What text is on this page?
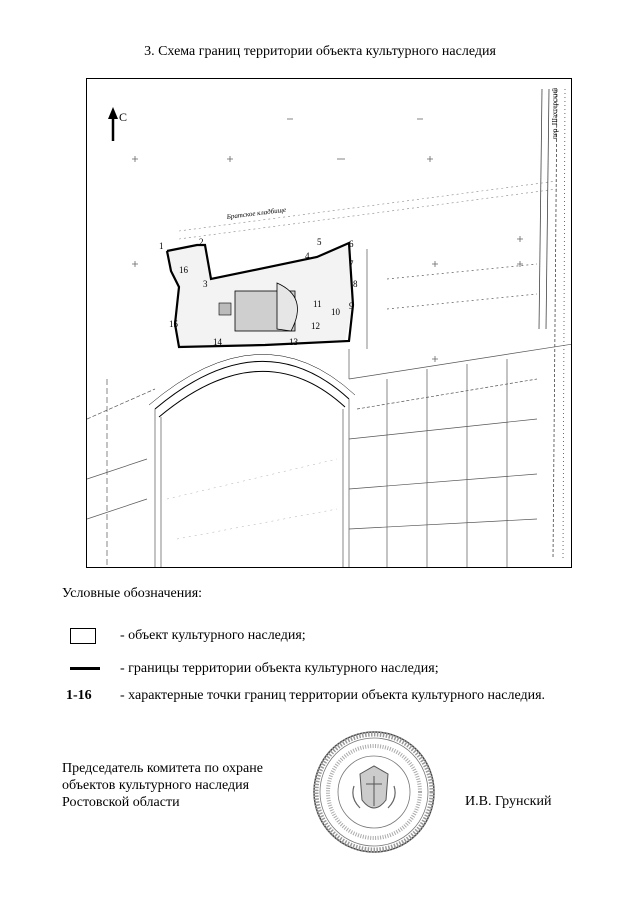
3. Схема границ территории объекта культурного наследия
С
Братское кладбище
пер. Шахтерский
1	2
3
4
5	6
7
8
9
10
11
12
13
14
15
16
Условные обозначения:
- объект культурного наследия;
- границы территории объекта культурного наследия;
1-16 - характерные точки границ территории объекта культурного наследия.
Председатель комитета по охране
объектов культурного наследия
Ростовской области	И.В. Грунский
